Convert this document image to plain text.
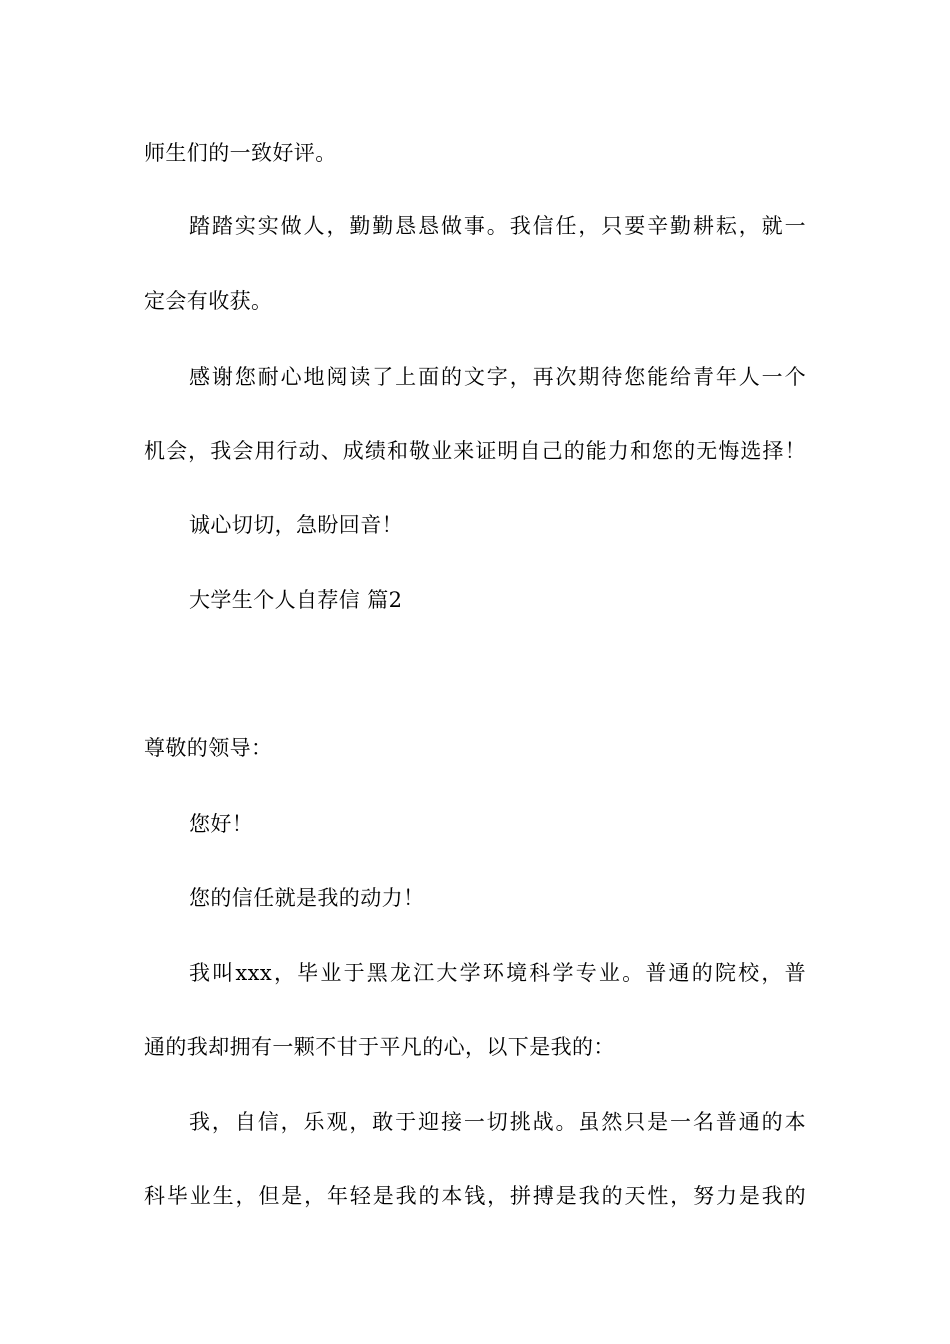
师生们的一致好评。

踏踏实实做人，勤勤恳恳做事。我信任，只要辛勤耕耘，就一

定会有收获。

感谢您耐心地阅读了上面的文字，再次期待您能给青年人一个

机会，我会用行动、成绩和敬业来证明自己的能力和您的无悔选择！

诚心切切，急盼回音！

大学生个人自荐信 篇2

尊敬的领导：

您好！

您的信任就是我的动力！

我叫xxx，毕业于黑龙江大学环境科学专业。普通的院校，普

通的我却拥有一颗不甘于平凡的心，以下是我的：

我，自信，乐观，敢于迎接一切挑战。虽然只是一名普通的本

科毕业生，但是，年轻是我的本钱，拼搏是我的天性，努力是我的
